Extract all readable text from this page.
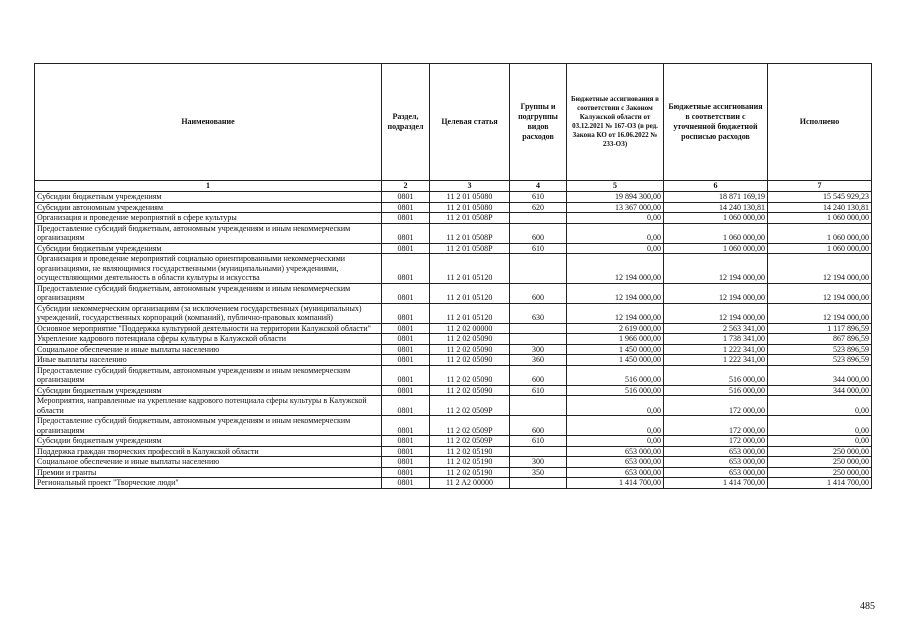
Наименование	Раздел, подраздел	Целевая статья	Группы и подгруппы видов расходов	Бюджетные ассигнования в соответствии с Законом Калужской области от 03.12.2021 № 167-ОЗ (в ред. Закона КО от 16.06.2022 № 233-ОЗ)	Бюджетные ассигнования в соответствии с уточненной бюджетной росписью расходов	Исполнено
1	2	3	4	5	6	7
Субсидии бюджетным учреждениям	0801	11 2 01 05080	610	19 894 300,00	18 871 169,19	15 545 929,23
Субсидии автономным учреждениям	0801	11 2 01 05080	620	13 367 000,00	14 240 130,81	14 240 130,81
Организация и проведение мероприятий в сфере культуры	0801	11 2 01 0508Р		0,00	1 060 000,00	1 060 000,00
Предоставление субсидий бюджетным, автономным учреждениям и иным некоммерческим организациям	0801	11 2 01 0508Р	600	0,00	1 060 000,00	1 060 000,00
Субсидии бюджетным учреждениям	0801	11 2 01 0508Р	610	0,00	1 060 000,00	1 060 000,00
Организация и проведение мероприятий социально ориентированными некоммерческими организациями, не являющимися государственными (муниципальными) учреждениями, осуществляющими деятельность в области культуры и искусства	0801	11 2 01 05120		12 194 000,00	12 194 000,00	12 194 000,00
Предоставление субсидий бюджетным, автономным учреждениям и иным некоммерческим организациям	0801	11 2 01 05120	600	12 194 000,00	12 194 000,00	12 194 000,00
Субсидии некоммерческим организациям (за исключением государственных (муниципальных) учреждений, государственных корпораций (компаний), публично-правовых компаний)	0801	11 2 01 05120	630	12 194 000,00	12 194 000,00	12 194 000,00
Основное мероприятие "Поддержка культурной деятельности на территории Калужской области"	0801	11 2 02 00000		2 619 000,00	2 563 341,00	1 117 896,59
Укрепление кадрового потенциала сферы культуры в Калужской области	0801	11 2 02 05090		1 966 000,00	1 738 341,00	867 896,59
Социальное обеспечение и иные выплаты населению	0801	11 2 02 05090	300	1 450 000,00	1 222 341,00	523 896,59
Иные выплаты населению	0801	11 2 02 05090	360	1 450 000,00	1 222 341,00	523 896,59
Предоставление субсидий бюджетным, автономным учреждениям и иным некоммерческим организациям	0801	11 2 02 05090	600	516 000,00	516 000,00	344 000,00
Субсидии бюджетным учреждениям	0801	11 2 02 05090	610	516 000,00	516 000,00	344 000,00
Мероприятия, направленные на укрепление кадрового потенциала сферы культуры в Калужской области	0801	11 2 02 0509Р		0,00	172 000,00	0,00
Предоставление субсидий бюджетным, автономным учреждениям и иным некоммерческим организациям	0801	11 2 02 0509Р	600	0,00	172 000,00	0,00
Субсидии бюджетным учреждениям	0801	11 2 02 0509Р	610	0,00	172 000,00	0,00
Поддержка граждан творческих профессий в Калужской области	0801	11 2 02 05190		653 000,00	653 000,00	250 000,00
Социальное обеспечение и иные выплаты населению	0801	11 2 02 05190	300	653 000,00	653 000,00	250 000,00
Премии и гранты	0801	11 2 02 05190	350	653 000,00	653 000,00	250 000,00
Региональный проект "Творческие люди"	0801	11 2 A2 00000		1 414 700,00	1 414 700,00	1 414 700,00
485
